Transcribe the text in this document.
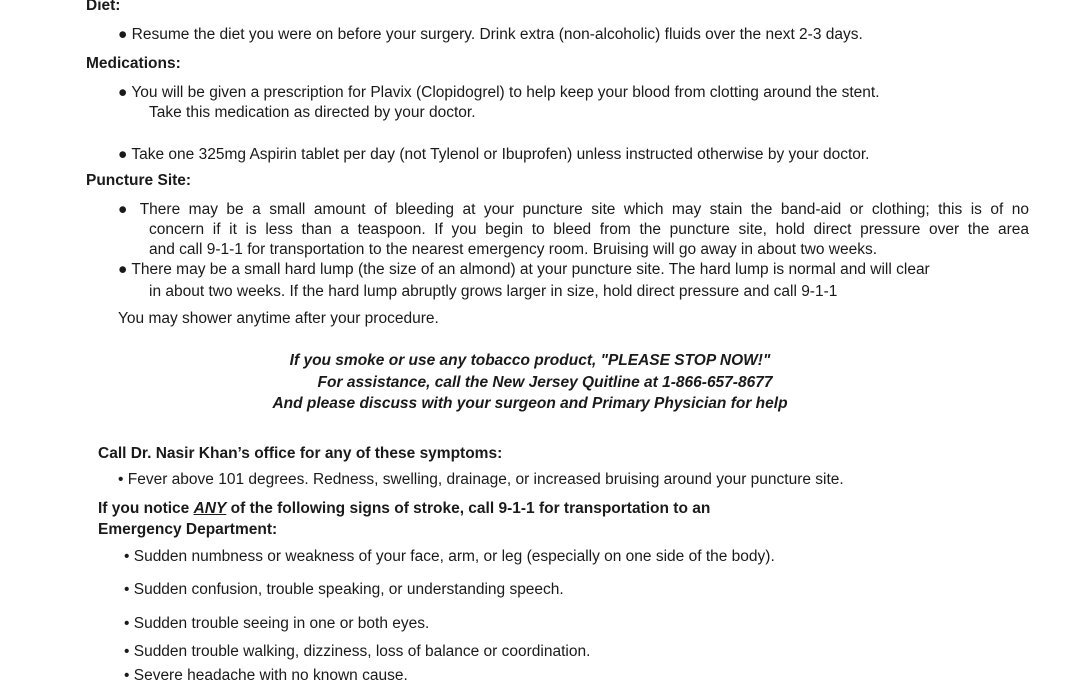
Diet:
● Resume the diet you were on before your surgery. Drink extra (non-alcoholic) fluids over the next 2-3 days.
Medications:
● You will be given a prescription for Plavix (Clopidogrel) to help keep your blood from clotting around the stent.
Take this medication as directed by your doctor.
● Take one 325mg Aspirin tablet per day (not Tylenol or Ibuprofen) unless instructed otherwise by your doctor.
Puncture Site:
● There may be a small amount of bleeding at your puncture site which may stain the band-aid or clothing; this is of no
concern if it is less than a teaspoon. If you begin to bleed from the puncture site, hold direct pressure over the area
and call 9-1-1 for transportation to the nearest emergency room. Bruising will go away in about two weeks.
● There may be a small hard lump (the size of an almond) at your puncture site. The hard lump is normal and will clear
in about two weeks. If the hard lump abruptly grows larger in size, hold direct pressure and call 9-1-1
You may shower anytime after your procedure.
If you smoke or use any tobacco product, "PLEASE STOP NOW!"
For assistance, call the New Jersey Quitline at 1-866-657-8677
And please discuss with your surgeon and Primary Physician for help
Call Dr. Nasir Khan’s office for any of these symptoms:
• Fever above 101 degrees. Redness, swelling, drainage, or increased bruising around your puncture site.
If you notice ANY of the following signs of stroke, call 9-1-1 for transportation to an
Emergency Department:
• Sudden numbness or weakness of your face, arm, or leg (especially on one side of the body).
• Sudden confusion, trouble speaking, or understanding speech.
• Sudden trouble seeing in one or both eyes.
• Sudden trouble walking, dizziness, loss of balance or coordination.
• Severe headache with no known cause.
